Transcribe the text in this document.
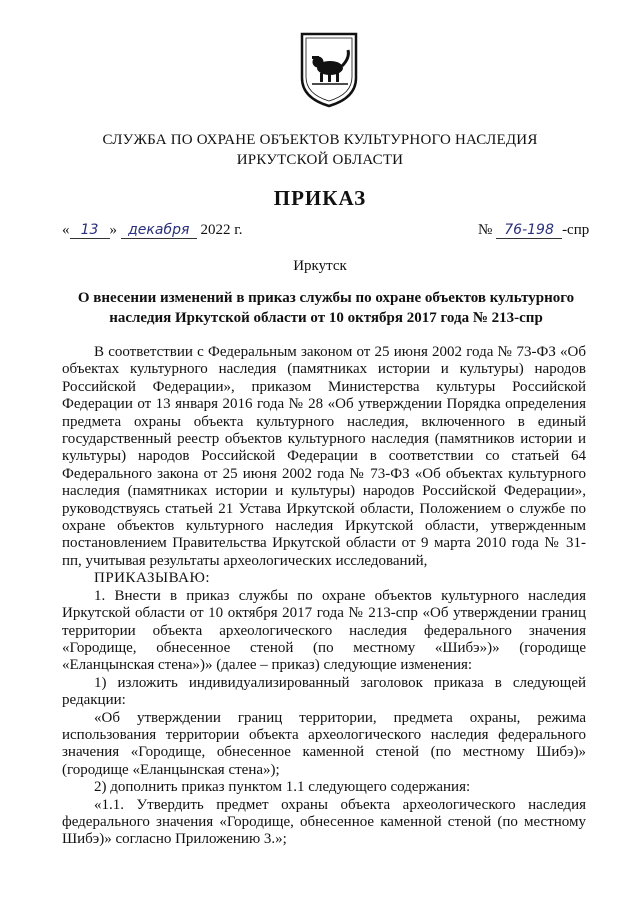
СЛУЖБА ПО ОХРАНЕ ОБЪЕКТОВ КУЛЬТУРНОГО НАСЛЕДИЯ
ИРКУТСКОЙ ОБЛАСТИ
ПРИКАЗ
« 13 » декабря 2022 г.	№ 76-198 -спр
Иркутск
О внесении изменений в приказ службы по охране объектов культурного наследия Иркутской области от 10 октября 2017 года № 213-спр

В соответствии с Федеральным законом от 25 июня 2002 года № 73-ФЗ «Об объектах культурного наследия (памятниках истории и культуры) народов Российской Федерации», приказом Министерства культуры Российской Федерации от 13 января 2016 года № 28 «Об утверждении Порядка определения предмета охраны объекта культурного наследия, включенного в единый государственный реестр объектов культурного наследия (памятников истории и культуры) народов Российской Федерации в соответствии со статьей 64 Федерального закона от 25 июня 2002 года № 73-ФЗ «Об объектах культурного наследия (памятниках истории и культуры) народов Российской Федерации», руководствуясь статьей 21 Устава Иркутской области, Положением о службе по охране объектов культурного наследия Иркутской области, утвержденным постановлением Правительства Иркутской области от 9 марта 2010 года № 31-пп, учитывая результаты археологических исследований,

ПРИКАЗЫВАЮ:

1. Внести в приказ службы по охране объектов культурного наследия Иркутской области от 10 октября 2017 года № 213-спр «Об утверждении границ территории объекта археологического наследия федерального значения «Городище, обнесенное стеной (по местному «Шибэ»)» (городище «Еланцынская стена»)» (далее – приказ) следующие изменения:

1) изложить индивидуализированный заголовок приказа в следующей редакции:

«Об утверждении границ территории, предмета охраны, режима использования территории объекта археологического наследия федерального значения «Городище, обнесенное каменной стеной (по местному Шибэ)» (городище «Еланцынская стена»);

2) дополнить приказ пунктом 1.1 следующего содержания:

«1.1. Утвердить предмет охраны объекта археологического наследия федерального значения «Городище, обнесенное каменной стеной (по местному Шибэ)» согласно Приложению 3.»;
